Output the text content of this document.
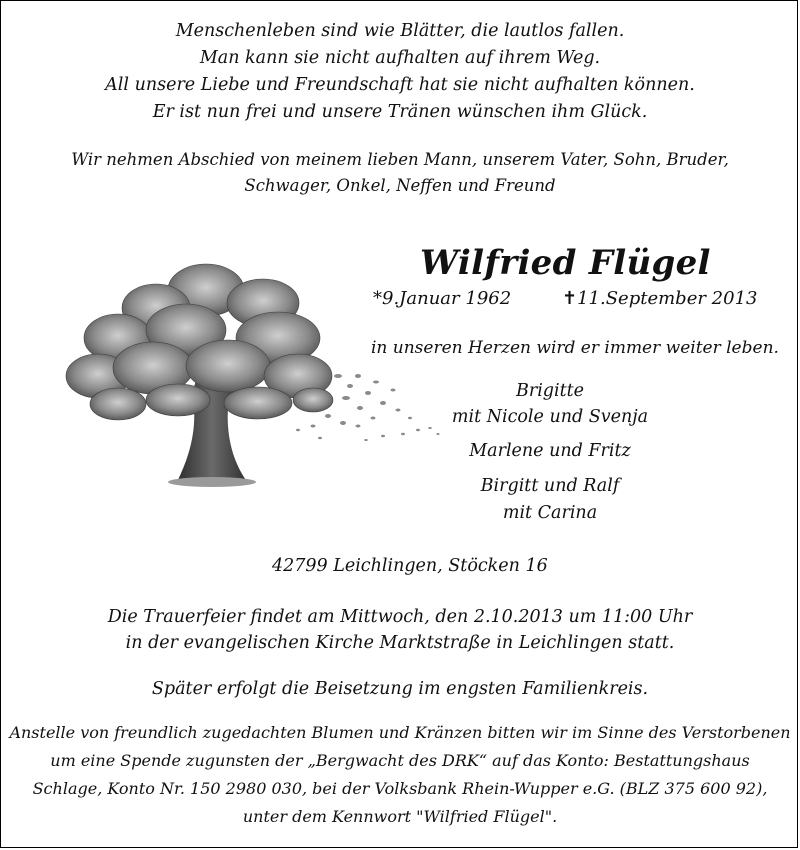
Menschenleben sind wie Blätter, die lautlos fallen.
Man kann sie nicht aufhalten auf ihrem Weg.
All unsere Liebe und Freundschaft hat sie nicht aufhalten können.
Er ist nun frei und unsere Tränen wünschen ihm Glück.
Wir nehmen Abschied von meinem lieben Mann, unserem Vater, Sohn, Bruder,
Schwager, Onkel, Neffen und Freund
Wilfried Flügel
*9.Januar 1962	✝11.September 2013
in unseren Herzen wird er immer weiter leben.
Brigitte
mit Nicole und Svenja
Marlene und Fritz
Birgitt und Ralf
mit Carina
42799 Leichlingen, Stöcken 16
Die Trauerfeier findet am Mittwoch, den 2.10.2013 um 11:00 Uhr
in der evangelischen Kirche Marktstraße in Leichlingen statt.
Später erfolgt die Beisetzung im engsten Familienkreis.
Anstelle von freundlich zugedachten Blumen und Kränzen bitten wir im Sinne des Verstorbenen
um eine Spende zugunsten der „Bergwacht des DRK“ auf das Konto: Bestattungshaus
Schlage, Konto Nr. 150 2980 030, bei der Volksbank Rhein-Wupper e.G. (BLZ 375 600 92),
unter dem Kennwort "Wilfried Flügel".
